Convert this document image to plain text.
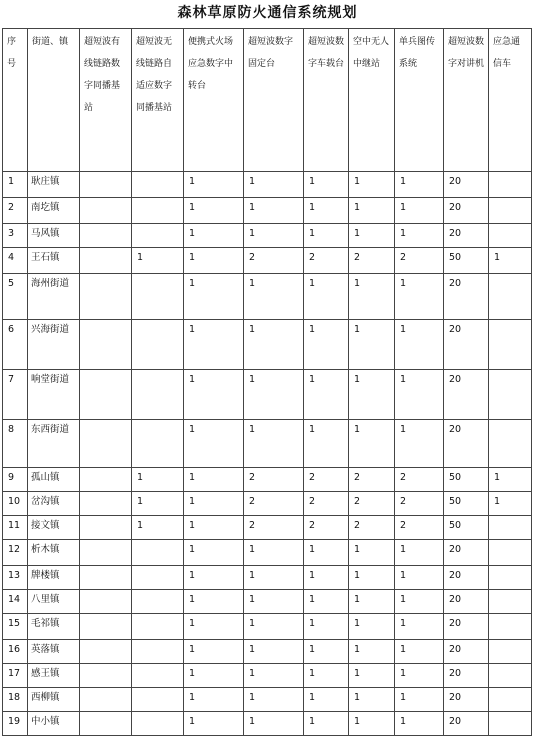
森林草原防火通信系统规划
序号	街道、镇	超短波有线链路数字同播基站	超短波无线链路自适应数字同播基站	便携式火场应急数字中转台	超短波数字固定台	超短波数字车载台	空中无人中继站	单兵图传系统	超短波数字对讲机	应急通信车
1	耿庄镇			1	1	1	1	1	20	
2	南圪镇			1	1	1	1	1	20	
3	马风镇			1	1	1	1	1	20	
4	王石镇		1	1	2	2	2	2	50	1
5	海州街道			1	1	1	1	1	20	
6	兴海街道			1	1	1	1	1	20	
7	响堂街道			1	1	1	1	1	20	
8	东西街道			1	1	1	1	1	20	
9	孤山镇		1	1	2	2	2	2	50	1
10	岔沟镇		1	1	2	2	2	2	50	1
11	接文镇		1	1	2	2	2	2	50	
12	析木镇			1	1	1	1	1	20	
13	牌楼镇			1	1	1	1	1	20	
14	八里镇			1	1	1	1	1	20	
15	毛祁镇			1	1	1	1	1	20	
16	英落镇			1	1	1	1	1	20	
17	感王镇			1	1	1	1	1	20	
18	西柳镇			1	1	1	1	1	20	
19	中小镇			1	1	1	1	1	20	
